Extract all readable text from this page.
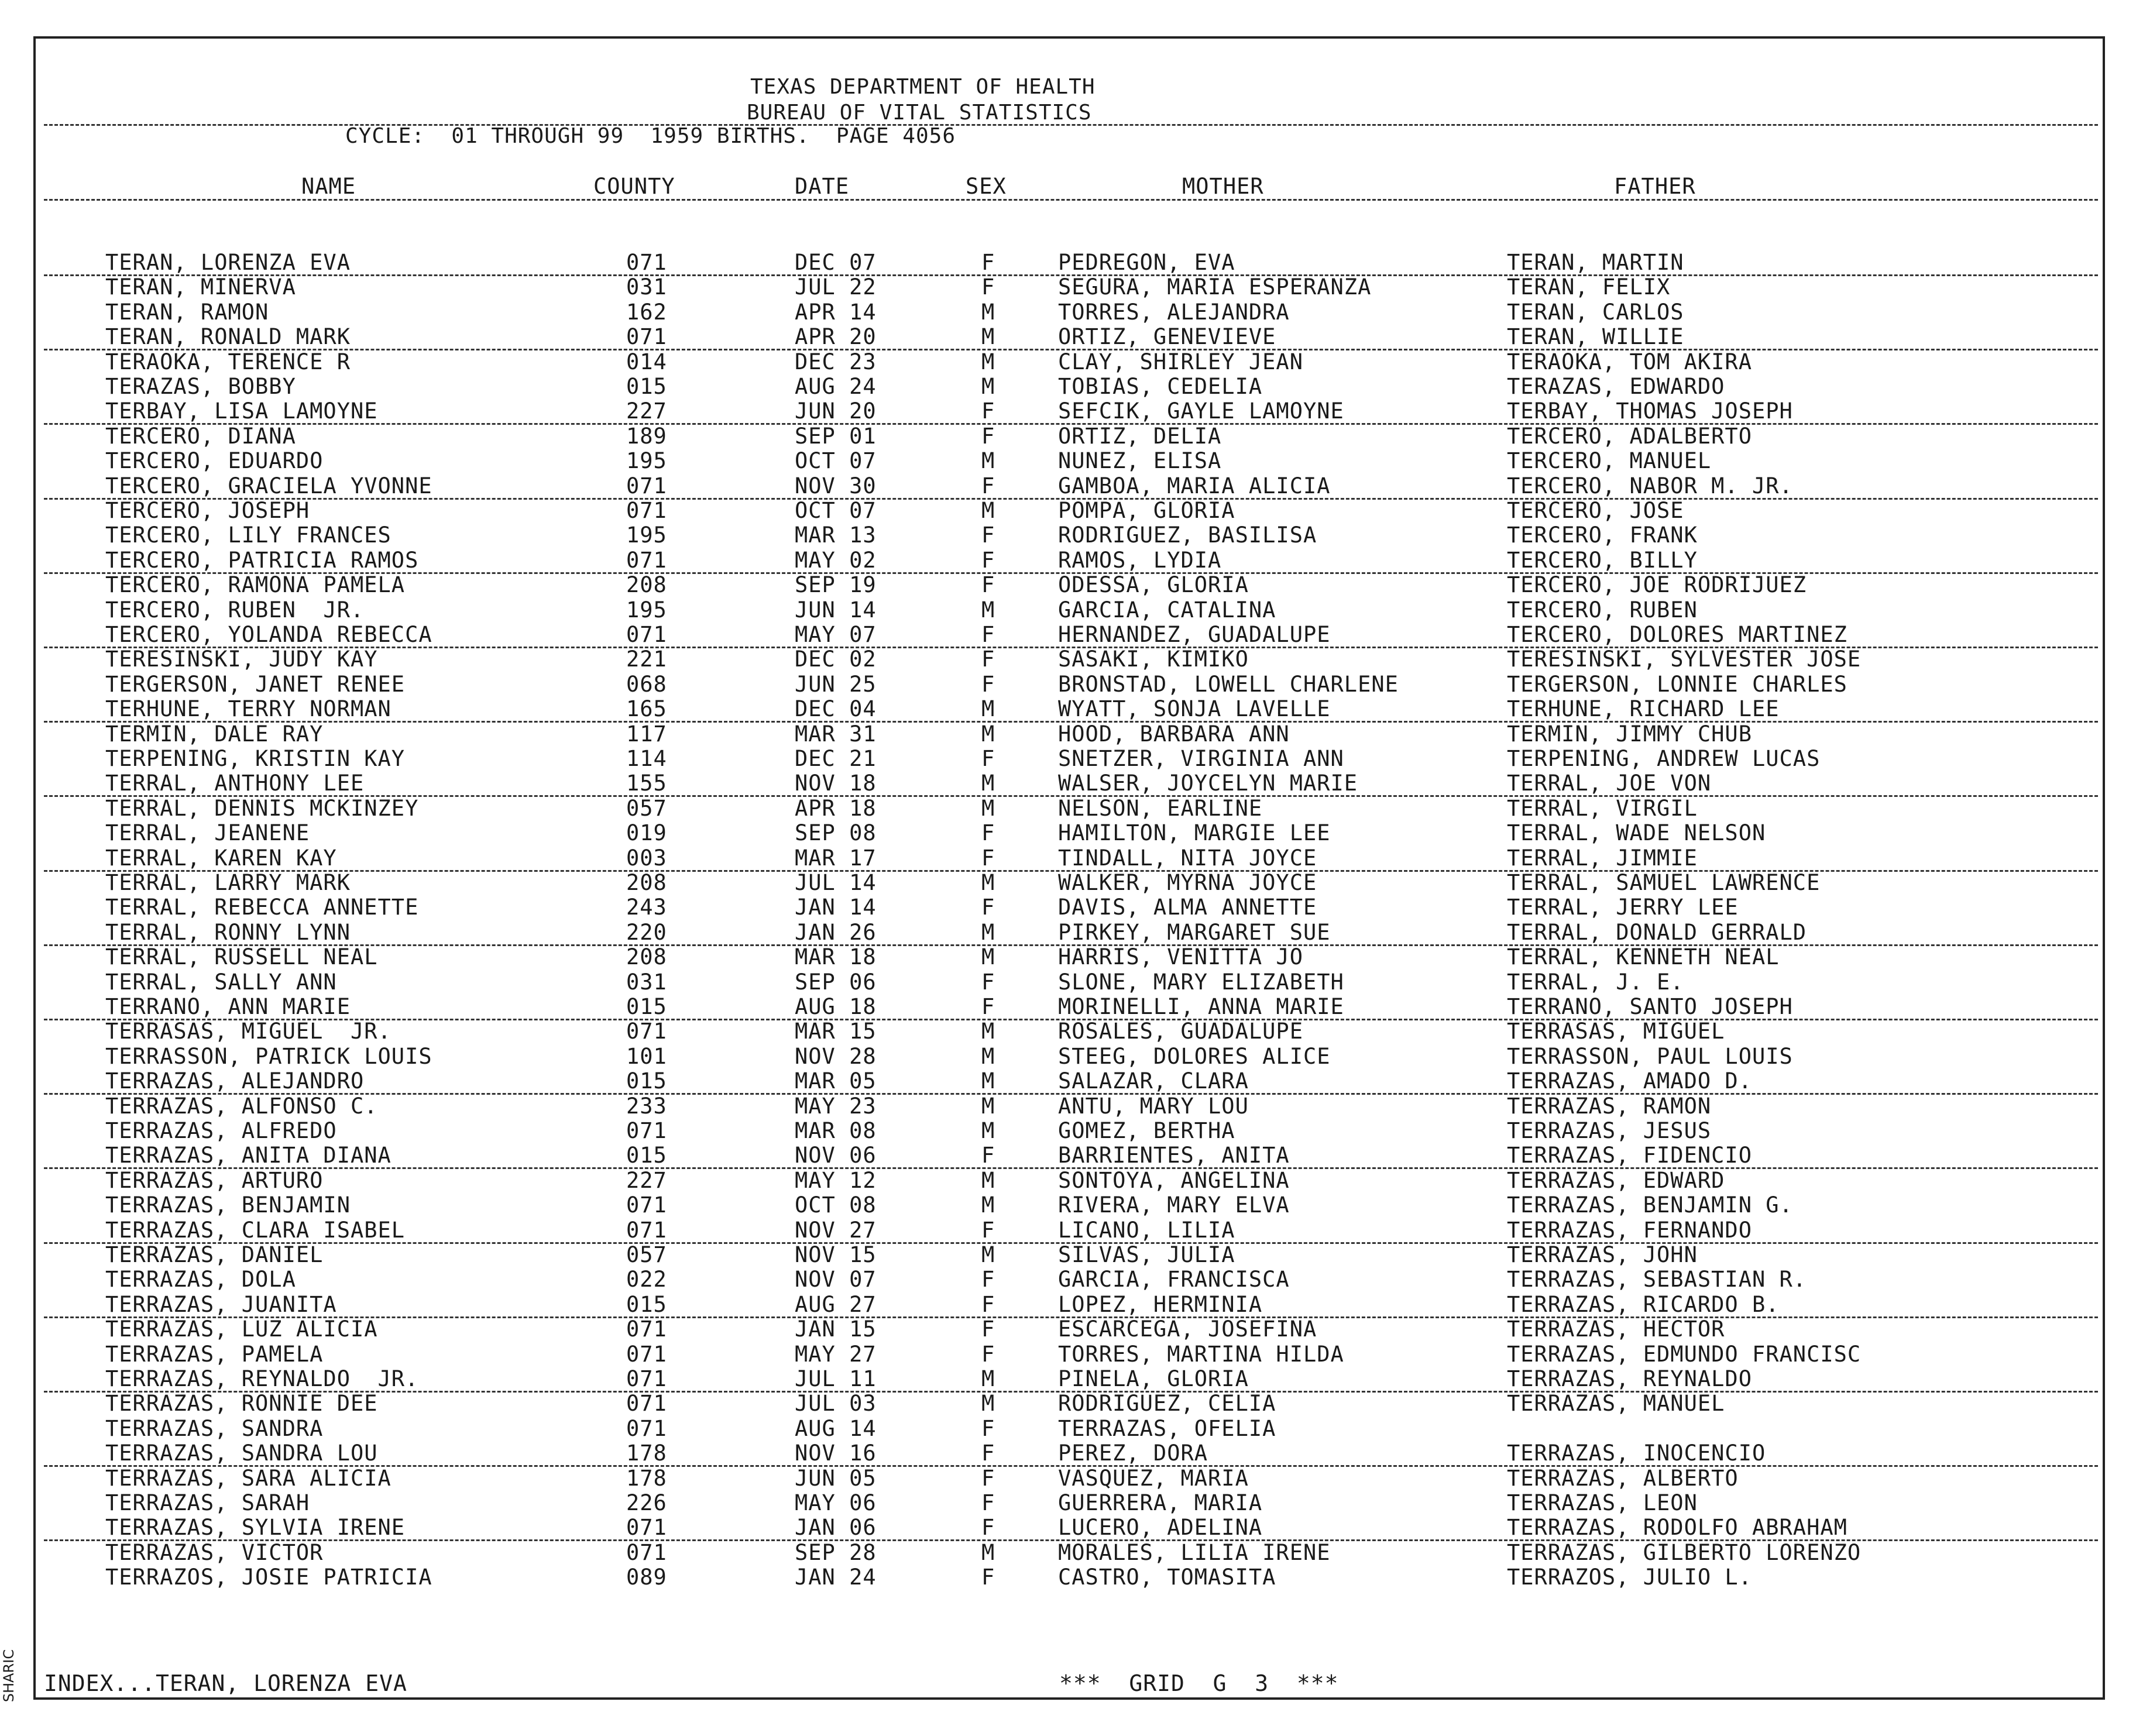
TEXAS DEPARTMENT OF HEALTH
BUREAU OF VITAL STATISTICS
CYCLE:  01 THROUGH 99  1959 BIRTHS.  PAGE 4056
NAME	COUNTY	DATE	SEX	MOTHER	FATHER
TERAN, LORENZA EVA	071	DEC 07	F	PEDREGON, EVA	TERAN, MARTIN
TERAN, MINERVA	031	JUL 22	F	SEGURA, MARIA ESPERANZA	TERAN, FELIX
TERAN, RAMON	162	APR 14	M	TORRES, ALEJANDRA	TERAN, CARLOS
TERAN, RONALD MARK	071	APR 20	M	ORTIZ, GENEVIEVE	TERAN, WILLIE
TERAOKA, TERENCE R	014	DEC 23	M	CLAY, SHIRLEY JEAN	TERAOKA, TOM AKIRA
TERAZAS, BOBBY	015	AUG 24	M	TOBIAS, CEDELIA	TERAZAS, EDWARDO
TERBAY, LISA LAMOYNE	227	JUN 20	F	SEFCIK, GAYLE LAMOYNE	TERBAY, THOMAS JOSEPH
TERCERO, DIANA	189	SEP 01	F	ORTIZ, DELIA	TERCERO, ADALBERTO
TERCERO, EDUARDO	195	OCT 07	M	NUNEZ, ELISA	TERCERO, MANUEL
TERCERO, GRACIELA YVONNE	071	NOV 30	F	GAMBOA, MARIA ALICIA	TERCERO, NABOR M. JR.
TERCERO, JOSEPH	071	OCT 07	M	POMPA, GLORIA	TERCERO, JOSE
TERCERO, LILY FRANCES	195	MAR 13	F	RODRIGUEZ, BASILISA	TERCERO, FRANK
TERCERO, PATRICIA RAMOS	071	MAY 02	F	RAMOS, LYDIA	TERCERO, BILLY
TERCERO, RAMONA PAMELA	208	SEP 19	F	ODESSA, GLORIA	TERCERO, JOE RODRIJUEZ
TERCERO, RUBEN  JR.	195	JUN 14	M	GARCIA, CATALINA	TERCERO, RUBEN
TERCERO, YOLANDA REBECCA	071	MAY 07	F	HERNANDEZ, GUADALUPE	TERCERO, DOLORES MARTINEZ
TERESINSKI, JUDY KAY	221	DEC 02	F	SASAKI, KIMIKO	TERESINSKI, SYLVESTER JOSE
TERGERSON, JANET RENEE	068	JUN 25	F	BRONSTAD, LOWELL CHARLENE	TERGERSON, LONNIE CHARLES
TERHUNE, TERRY NORMAN	165	DEC 04	M	WYATT, SONJA LAVELLE	TERHUNE, RICHARD LEE
TERMIN, DALE RAY	117	MAR 31	M	HOOD, BARBARA ANN	TERMIN, JIMMY CHUB
TERPENING, KRISTIN KAY	114	DEC 21	F	SNETZER, VIRGINIA ANN	TERPENING, ANDREW LUCAS
TERRAL, ANTHONY LEE	155	NOV 18	M	WALSER, JOYCELYN MARIE	TERRAL, JOE VON
TERRAL, DENNIS MCKINZEY	057	APR 18	M	NELSON, EARLINE	TERRAL, VIRGIL
TERRAL, JEANENE	019	SEP 08	F	HAMILTON, MARGIE LEE	TERRAL, WADE NELSON
TERRAL, KAREN KAY	003	MAR 17	F	TINDALL, NITA JOYCE	TERRAL, JIMMIE
TERRAL, LARRY MARK	208	JUL 14	M	WALKER, MYRNA JOYCE	TERRAL, SAMUEL LAWRENCE
TERRAL, REBECCA ANNETTE	243	JAN 14	F	DAVIS, ALMA ANNETTE	TERRAL, JERRY LEE
TERRAL, RONNY LYNN	220	JAN 26	M	PIRKEY, MARGARET SUE	TERRAL, DONALD GERRALD
TERRAL, RUSSELL NEAL	208	MAR 18	M	HARRIS, VENITTA JO	TERRAL, KENNETH NEAL
TERRAL, SALLY ANN	031	SEP 06	F	SLONE, MARY ELIZABETH	TERRAL, J. E.
TERRANO, ANN MARIE	015	AUG 18	F	MORINELLI, ANNA MARIE	TERRANO, SANTO JOSEPH
TERRASAS, MIGUEL  JR.	071	MAR 15	M	ROSALES, GUADALUPE	TERRASAS, MIGUEL
TERRASSON, PATRICK LOUIS	101	NOV 28	M	STEEG, DOLORES ALICE	TERRASSON, PAUL LOUIS
TERRAZAS, ALEJANDRO	015	MAR 05	M	SALAZAR, CLARA	TERRAZAS, AMADO D.
TERRAZAS, ALFONSO C.	233	MAY 23	M	ANTU, MARY LOU	TERRAZAS, RAMON
TERRAZAS, ALFREDO	071	MAR 08	M	GOMEZ, BERTHA	TERRAZAS, JESUS
TERRAZAS, ANITA DIANA	015	NOV 06	F	BARRIENTES, ANITA	TERRAZAS, FIDENCIO
TERRAZAS, ARTURO	227	MAY 12	M	SONTOYA, ANGELINA	TERRAZAS, EDWARD
TERRAZAS, BENJAMIN	071	OCT 08	M	RIVERA, MARY ELVA	TERRAZAS, BENJAMIN G.
TERRAZAS, CLARA ISABEL	071	NOV 27	F	LICANO, LILIA	TERRAZAS, FERNANDO
TERRAZAS, DANIEL	057	NOV 15	M	SILVAS, JULIA	TERRAZAS, JOHN
TERRAZAS, DOLA	022	NOV 07	F	GARCIA, FRANCISCA	TERRAZAS, SEBASTIAN R.
TERRAZAS, JUANITA	015	AUG 27	F	LOPEZ, HERMINIA	TERRAZAS, RICARDO B.
TERRAZAS, LUZ ALICIA	071	JAN 15	F	ESCARCEGA, JOSEFINA	TERRAZAS, HECTOR
TERRAZAS, PAMELA	071	MAY 27	F	TORRES, MARTINA HILDA	TERRAZAS, EDMUNDO FRANCISC
TERRAZAS, REYNALDO  JR.	071	JUL 11	M	PINELA, GLORIA	TERRAZAS, REYNALDO
TERRAZAS, RONNIE DEE	071	JUL 03	M	RODRIGUEZ, CELIA	TERRAZAS, MANUEL
TERRAZAS, SANDRA	071	AUG 14	F	TERRAZAS, OFELIA
TERRAZAS, SANDRA LOU	178	NOV 16	F	PEREZ, DORA	TERRAZAS, INOCENCIO
TERRAZAS, SARA ALICIA	178	JUN 05	F	VASQUEZ, MARIA	TERRAZAS, ALBERTO
TERRAZAS, SARAH	226	MAY 06	F	GUERRERA, MARIA	TERRAZAS, LEON
TERRAZAS, SYLVIA IRENE	071	JAN 06	F	LUCERO, ADELINA	TERRAZAS, RODOLFO ABRAHAM
TERRAZAS, VICTOR	071	SEP 28	M	MORALES, LILIA IRENE	TERRAZAS, GILBERTO LORENZO
TERRAZOS, JOSIE PATRICIA	089	JAN 24	F	CASTRO, TOMASITA	TERRAZOS, JULIO L.
INDEX...TERAN, LORENZA EVA	***  GRID  G  3  ***
SHARIC
